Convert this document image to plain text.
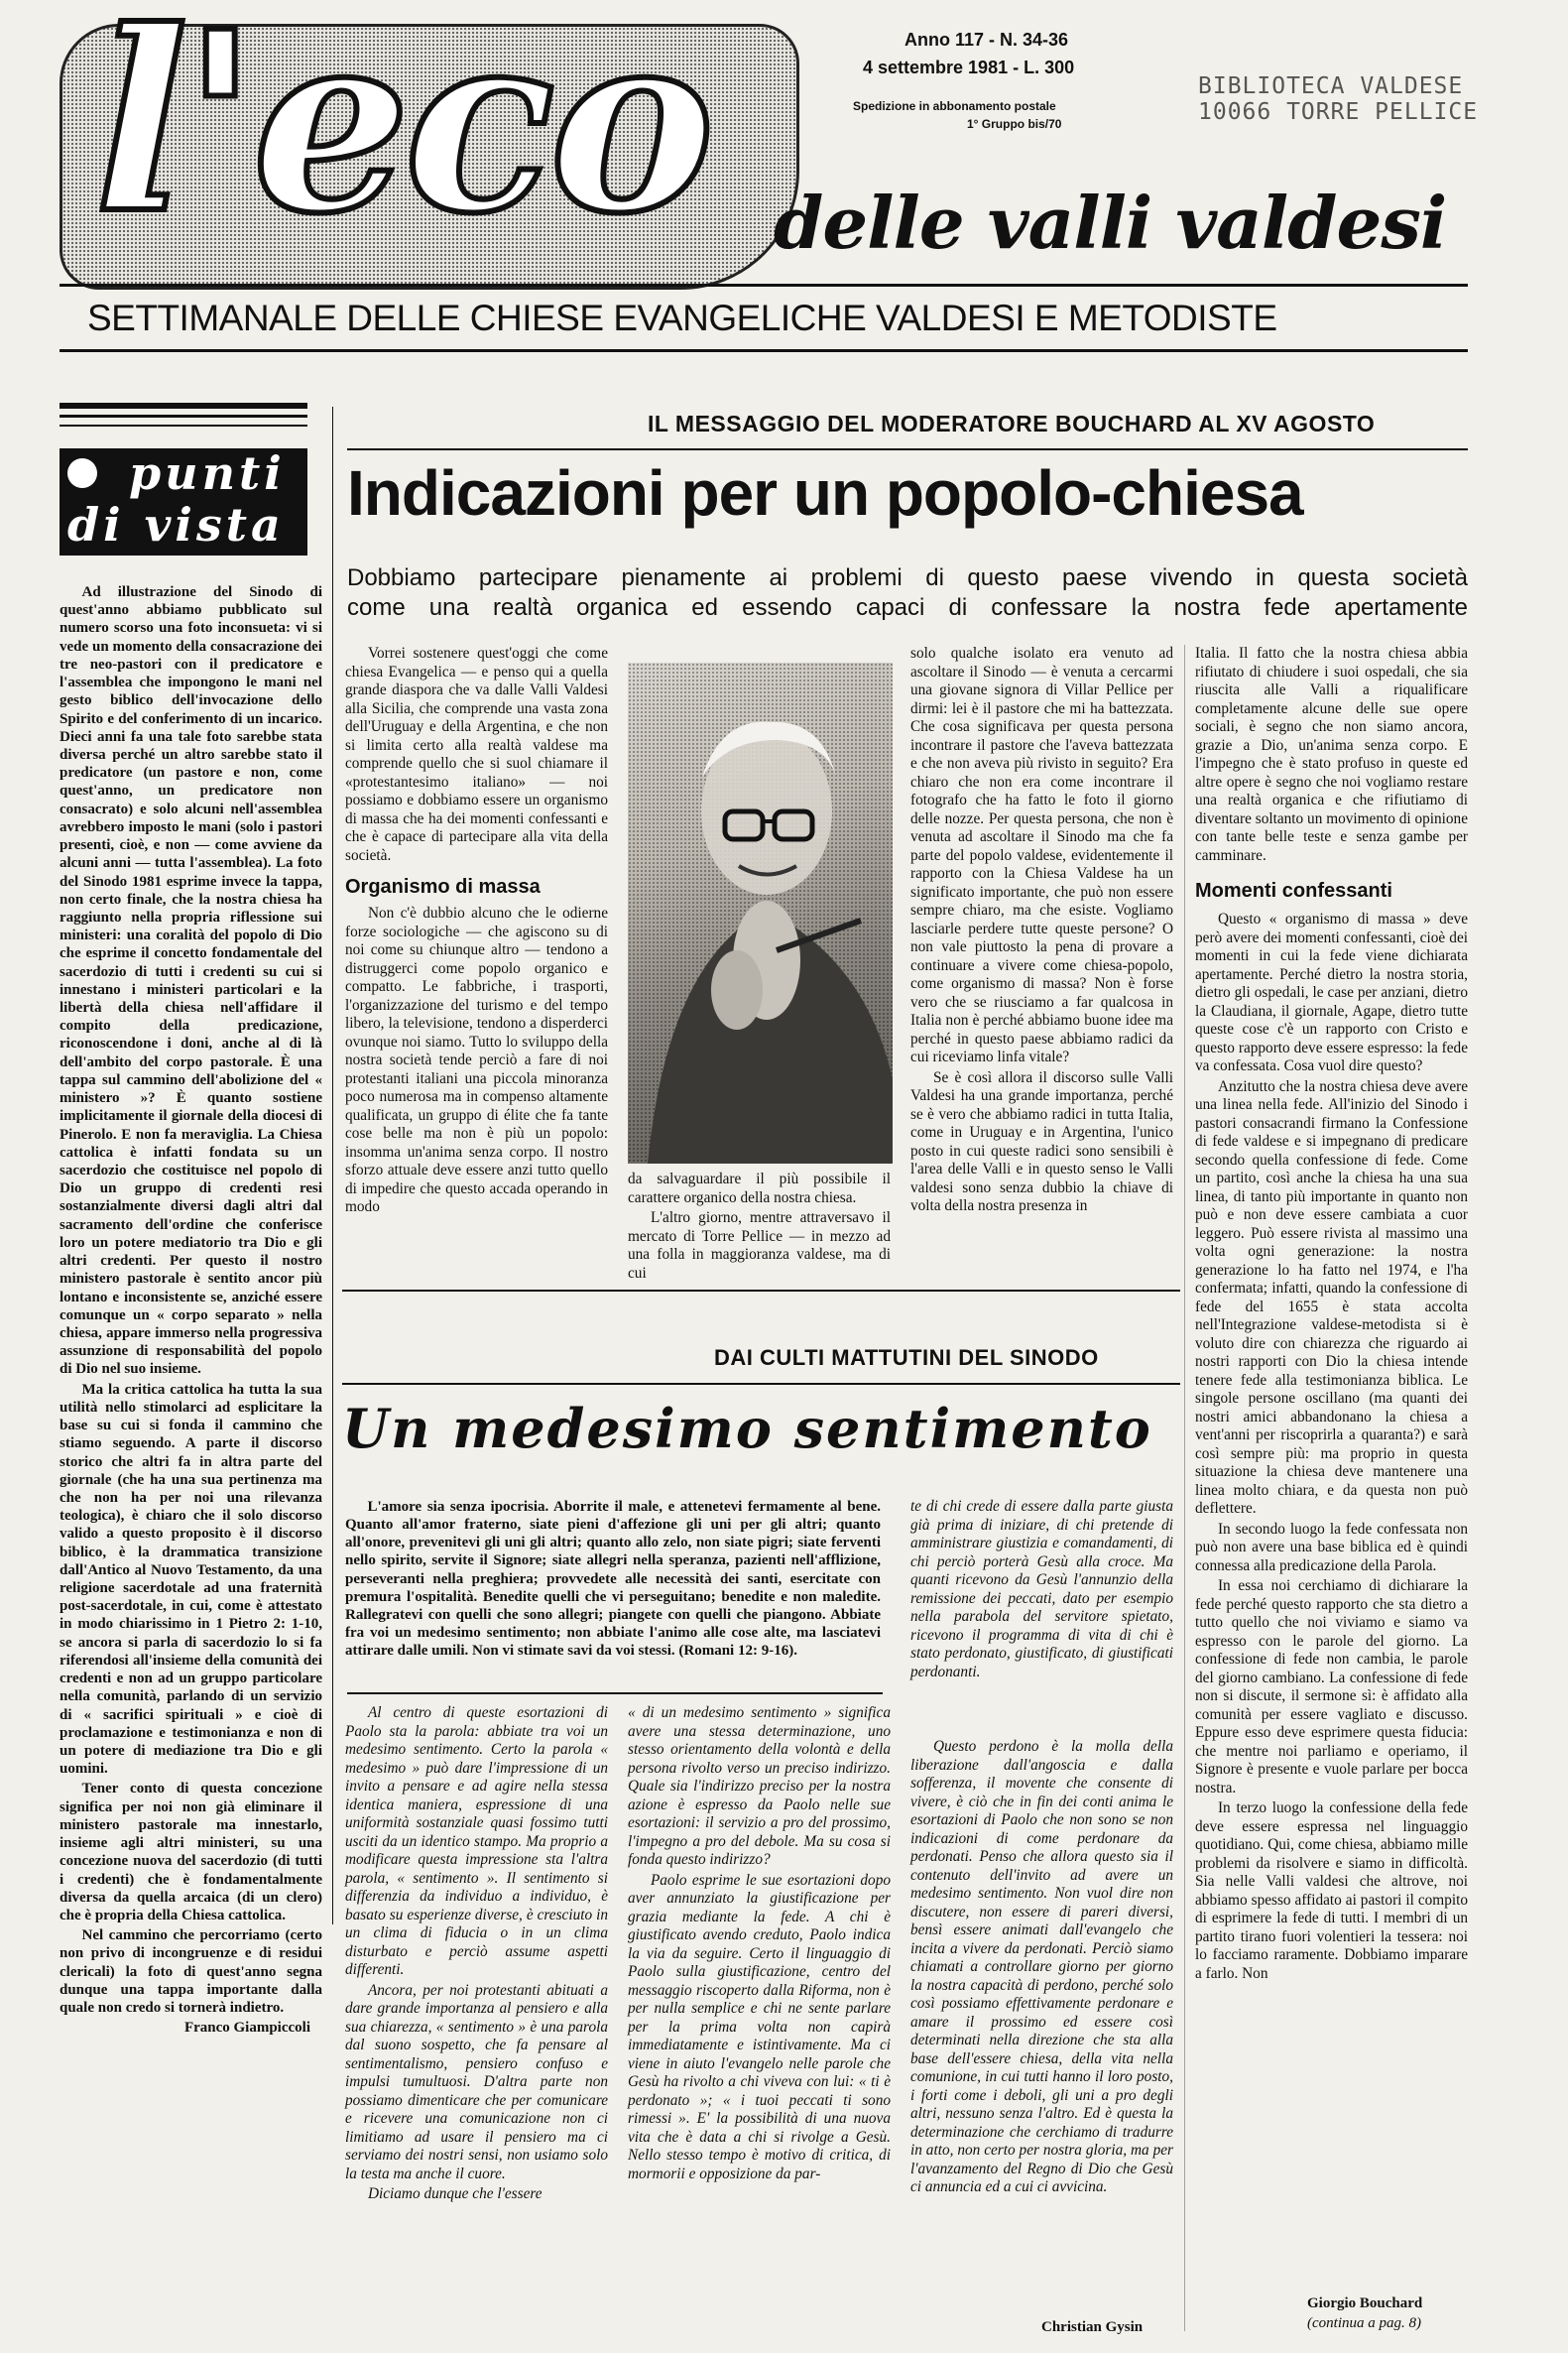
l'eco delle valli valdesi
Anno 117 - N. 34-36
4 settembre 1981 - L. 300
Spedizione in abbonamento postale
1° Gruppo bis/70
BIBLIOTECA VALDESE
10066 TORRE PELLICE
SETTIMANALE DELLE CHIESE EVANGELICHE VALDESI E METODISTE
punti
di vista

Ad illustrazione del Sinodo di quest'anno abbiamo pubblicato sul numero scorso una foto inconsueta: vi si vede un momento della consacrazione dei tre neo-pastori con il predicatore e l'assemblea che impongono le mani nel gesto biblico dell'invocazione dello Spirito e del conferimento di un incarico. Dieci anni fa una tale foto sarebbe stata diversa perché un altro sarebbe stato il predicatore (un pastore e non, come quest'anno, un predicatore non consacrato) e solo alcuni nell'assemblea avrebbero imposto le mani (solo i pastori presenti, cioè, e non — come avviene da alcuni anni — tutta l'assemblea). La foto del Sinodo 1981 esprime invece la tappa, non certo finale, che la nostra chiesa ha raggiunto nella propria riflessione sui ministeri: una coralità del popolo di Dio che esprime il concetto fondamentale del sacerdozio di tutti i credenti su cui si innestano i ministeri particolari e la libertà della chiesa nell'affidare il compito della predicazione, riconoscendone i doni, anche al di là dell'ambito del corpo pastorale. È una tappa sul cammino dell'abolizione del « ministero »? È quanto sostiene implicitamente il giornale della diocesi di Pinerolo. E non fa meraviglia. La Chiesa cattolica è infatti fondata su un sacerdozio che costituisce nel popolo di Dio un gruppo di credenti resi sostanzialmente diversi dagli altri dal sacramento dell'ordine che conferisce loro un potere mediatorio tra Dio e gli altri credenti. Per questo il nostro ministero pastorale è sentito ancor più lontano e inconsistente se, anziché essere comunque un « corpo separato » nella chiesa, appare immerso nella progressiva assunzione di responsabilità del popolo di Dio nel suo insieme.

Ma la critica cattolica ha tutta la sua utilità nello stimolarci ad esplicitare la base su cui si fonda il cammino che stiamo seguendo. A parte il discorso storico che altri fa in altra parte del giornale (che ha una sua pertinenza ma che non ha per noi una rilevanza teologica), è chiaro che il solo discorso valido a questo proposito è il discorso biblico, è la drammatica transizione dall'Antico al Nuovo Testamento, da una religione sacerdotale ad una fraternità post-sacerdotale, in cui, come è attestato in modo chiarissimo in 1 Pietro 2: 1-10, se ancora si parla di sacerdozio lo si fa riferendosi all'insieme della comunità dei credenti e non ad un gruppo particolare nella comunità, parlando di un servizio di « sacrifici spirituali » e cioè di proclamazione e testimonianza e non di un potere di mediazione tra Dio e gli uomini.

Tener conto di questa concezione significa per noi non già eliminare il ministero pastorale ma innestarlo, insieme agli altri ministeri, su una concezione nuova del sacerdozio (di tutti i credenti) che è fondamentalmente diversa da quella arcaica (di un clero) che è propria della Chiesa cattolica.

Nel cammino che percorriamo (certo non privo di incongruenze e di residui clericali) la foto di quest'anno segna dunque una tappa importante dalla quale non credo si tornerà indietro.

Franco Giampiccoli

IL MESSAGGIO DEL MODERATORE BOUCHARD AL XV AGOSTO
Indicazioni per un popolo-chiesa
Dobbiamo partecipare pienamente ai problemi di questo paese vivendo in questa società
come una realtà organica ed essendo capaci di confessare la nostra fede apertamente

Vorrei sostenere quest'oggi che come chiesa Evangelica — e penso qui a quella grande diaspora che va dalle Valli Valdesi alla Sicilia, che comprende una vasta zona dell'Uruguay e della Argentina, e che non si limita certo alla realtà valdese ma comprende quello che si suol chiamare il «protestantesimo italiano» — noi possiamo e dobbiamo essere un organismo di massa che ha dei momenti confessanti e che è capace di partecipare alla vita della società.

Organismo di massa

Non c'è dubbio alcuno che le odierne forze sociologiche — che agiscono su di noi come su chiunque altro — tendono a distruggerci come popolo organico e compatto. Le fabbriche, i trasporti, l'organizzazione del turismo e del tempo libero, la televisione, tendono a disperderci ovunque noi siamo. Tutto lo sviluppo della nostra società tende perciò a fare di noi protestanti italiani una piccola minoranza poco numerosa ma in compenso altamente qualificata, un gruppo di élite che fa tante cose belle ma non è più un popolo: insomma un'anima senza corpo. Il nostro sforzo attuale deve essere anzi tutto quello di impedire che questo accada operando in modo

da salvaguardare il più possibile il carattere organico della nostra chiesa.

L'altro giorno, mentre attraversavo il mercato di Torre Pellice — in mezzo ad una folla in maggioranza valdese, ma di cui

solo qualche isolato era venuto ad ascoltare il Sinodo — è venuta a cercarmi una giovane signora di Villar Pellice per dirmi: lei è il pastore che mi ha battezzata. Che cosa significava per questa persona incontrare il pastore che l'aveva battezzata e che non aveva più rivisto in seguito? Era chiaro che non era come incontrare il fotografo che ha fatto le foto il giorno delle nozze. Per questa persona, che non è venuta ad ascoltare il Sinodo ma che fa parte del popolo valdese, evidentemente il rapporto con la Chiesa Valdese ha un significato importante, che può non essere sempre chiaro, ma che esiste. Vogliamo lasciarle perdere tutte queste persone? O non vale piuttosto la pena di provare a continuare a vivere come chiesa-popolo, come organismo di massa? Non è forse vero che se riusciamo a far qualcosa in Italia non è perché abbiamo buone idee ma perché in questo paese abbiamo radici da cui riceviamo linfa vitale?

Se è così allora il discorso sulle Valli Valdesi ha una grande importanza, perché se è vero che abbiamo radici in tutta Italia, come in Uruguay e in Argentina, l'unico posto in cui queste radici sono sensibili è l'area delle Valli e in questo senso le Valli valdesi sono senza dubbio la chiave di volta della nostra presenza in

Italia. Il fatto che la nostra chiesa abbia rifiutato di chiudere i suoi ospedali, che sia riuscita alle Valli a riqualificare completamente alcune delle sue opere sociali, è segno che non siamo ancora, grazie a Dio, un'anima senza corpo. E l'impegno che è stato profuso in queste ed altre opere è segno che noi vogliamo restare una realtà organica e che rifiutiamo di diventare soltanto un movimento di opinione con tante belle teste e senza gambe per camminare.

Momenti confessanti

Questo « organismo di massa » deve però avere dei momenti confessanti, cioè dei momenti in cui la fede viene dichiarata apertamente. Perché dietro la nostra storia, dietro gli ospedali, le case per anziani, dietro la Claudiana, il giornale, Agape, dietro tutte queste cose c'è un rapporto con Cristo e questo rapporto deve essere espresso: la fede va confessata. Cosa vuol dire questo?

Anzitutto che la nostra chiesa deve avere una linea nella fede. All'inizio del Sinodo i pastori consacrandi firmano la Confessione di fede valdese e si impegnano di predicare secondo quella confessione di fede. Come un partito, così anche la chiesa ha una sua linea, di tanto più importante in quanto non può e non deve essere cambiata a cuor leggero. Può essere rivista al massimo una volta ogni generazione: la nostra generazione lo ha fatto nel 1974, e l'ha confermata; infatti, quando la confessione di fede del 1655 è stata accolta nell'Integrazione valdese-metodista si è voluto dire con chiarezza che riguardo ai nostri rapporti con Dio la chiesa intende tenere fede alla testimonianza biblica. Le singole persone oscillano (ma quanti dei nostri amici abbandonano la chiesa a vent'anni per riscoprirla a quaranta?) e sarà così sempre più: ma proprio in questa situazione la chiesa deve mantenere una linea molto chiara, e da questa non può deflettere.

In secondo luogo la fede confessata non può non avere una base biblica ed è quindi connessa alla predicazione della Parola.

In essa noi cerchiamo di dichiarare la fede perché questo rapporto che sta dietro a tutto quello che noi viviamo e siamo va espresso con le parole del giorno. La confessione di fede non cambia, le parole del giorno cambiano. La confessione di fede non si discute, il sermone sì: è affidato alla comunità per essere vagliato e discusso. Eppure esso deve esprimere questa fiducia: che mentre noi parliamo e operiamo, il Signore è presente e vuole parlare per bocca nostra.

In terzo luogo la confessione della fede deve essere espressa nel linguaggio quotidiano. Qui, come chiesa, abbiamo mille problemi da risolvere e siamo in difficoltà. Sia nelle Valli valdesi che altrove, noi abbiamo spesso affidato ai pastori il compito di esprimere la fede di tutti. I membri di un partito tirano fuori volentieri la tessera: noi lo facciamo raramente. Dobbiamo imparare a farlo. Non

Giorgio Bouchard
(continua a pag. 8)
DAI CULTI MATTUTINI DEL SINODO
Un medesimo sentimento

L'amore sia senza ipocrisia. Aborrite il male, e attenetevi fermamente al bene. Quanto all'amor fraterno, siate pieni d'affezione gli uni per gli altri; quanto all'onore, prevenitevi gli uni gli altri; quanto allo zelo, non siate pigri; siate ferventi nello spirito, servite il Signore; siate allegri nella speranza, pazienti nell'afflizione, perseveranti nella preghiera; provvedete alle necessità dei santi, esercitate con premura l'ospitalità. Benedite quelli che vi perseguitano; benedite e non maledite. Rallegratevi con quelli che sono allegri; piangete con quelli che piangono. Abbiate fra voi un medesimo sentimento; non abbiate l'animo alle cose alte, ma lasciatevi attirare dalle umili. Non vi stimate savi da voi stessi. (Romani 12: 9-16).

te di chi crede di essere dalla parte giusta già prima di iniziare, di chi pretende di amministrare giustizia e comandamenti, di chi perciò porterà Gesù alla croce. Ma quanti ricevono da Gesù l'annunzio della remissione dei peccati, dato per esempio nella parabola del servitore spietato, ricevono il programma di vita di chi è stato perdonato, giustificato, di giustificati perdonanti.

Al centro di queste esortazioni di Paolo sta la parola: abbiate tra voi un medesimo sentimento. Certo la parola « medesimo » può dare l'impressione di un invito a pensare e ad agire nella stessa identica maniera, espressione di una uniformità sostanziale quasi fossimo tutti usciti da un identico stampo. Ma proprio a modificare questa impressione sta l'altra parola, « sentimento ». Il sentimento si differenzia da individuo a individuo, è basato su esperienze diverse, è cresciuto in un clima di fiducia o in un clima disturbato e perciò assume aspetti differenti.

Ancora, per noi protestanti abituati a dare grande importanza al pensiero e alla sua chiarezza, « sentimento » è una parola dal suono sospetto, che fa pensare al sentimentalismo, pensiero confuso e impulsi tumultuosi. D'altra parte non possiamo dimenticare che per comunicare e ricevere una comunicazione non ci limitiamo ad usare il pensiero ma ci serviamo dei nostri sensi, non usiamo solo la testa ma anche il cuore.

Diciamo dunque che l'essere

« di un medesimo sentimento » significa avere una stessa determinazione, uno stesso orientamento della volontà e della persona rivolto verso un preciso indirizzo. Quale sia l'indirizzo preciso per la nostra azione è espresso da Paolo nelle sue esortazioni: il servizio a pro del prossimo, l'impegno a pro del debole. Ma su cosa si fonda questo indirizzo?

Paolo esprime le sue esortazioni dopo aver annunziato la giustificazione per grazia mediante la fede. A chi è giustificato avendo creduto, Paolo indica la via da seguire. Certo il linguaggio di Paolo sulla giustificazione, centro del messaggio riscoperto dalla Riforma, non è per nulla semplice e chi ne sente parlare per la prima volta non capirà immediatamente e istintivamente. Ma ci viene in aiuto l'evangelo nelle parole che Gesù ha rivolto a chi viveva con lui: « ti è perdonato »; « i tuoi peccati ti sono rimessi ». E' la possibilità di una nuova vita che è data a chi si rivolge a Gesù. Nello stesso tempo è motivo di critica, di mormorii e opposizione da par-

Questo perdono è la molla della liberazione dall'angoscia e dalla sofferenza, il movente che consente di vivere, è ciò che in fin dei conti anima le esortazioni di Paolo che non sono se non indicazioni di come perdonare da perdonati. Penso che allora questo sia il contenuto dell'invito ad avere un medesimo sentimento. Non vuol dire non discutere, non essere di pareri diversi, bensì essere animati dall'evangelo che incita a vivere da perdonati. Perciò siamo chiamati a controllare giorno per giorno la nostra capacità di perdono, perché solo così possiamo effettivamente perdonare e amare il prossimo ed essere così determinati nella direzione che sta alla base dell'essere chiesa, della vita nella comunione, in cui tutti hanno il loro posto, i forti come i deboli, gli uni a pro degli altri, nessuno senza l'altro. Ed è questa la determinazione che cerchiamo di tradurre in atto, non certo per nostra gloria, ma per l'avanzamento del Regno di Dio che Gesù ci annuncia ed a cui ci avvicina.

Christian Gysin
